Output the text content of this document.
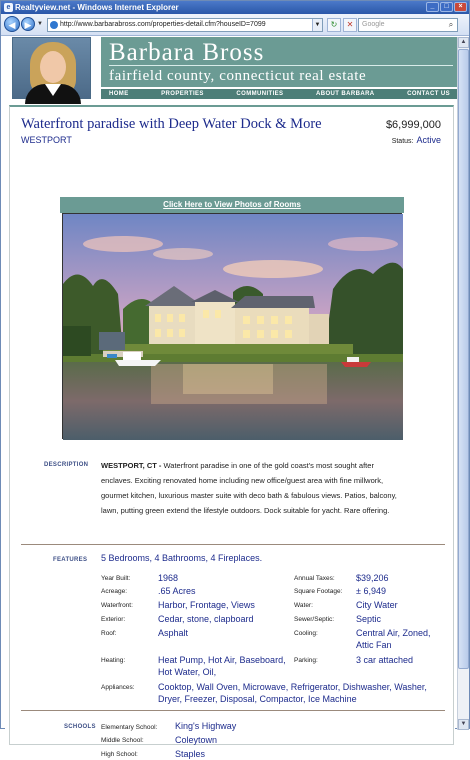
e Realtyview.net - Windows Internet Explorer	_	□	×
◀	▶ ▼	http://www.barbarabross.com/properties-detail.cfm?houseID=7099	▼	↻	✕	Google	⌕
Barbara Bross
fairfield county, connecticut real estate
HOME	PROPERTIES	COMMUNITIES	ABOUT BARBARA	CONTACT US
Waterfront paradise with Deep Water Dock & More
WESTPORT
$6,999,000
Status: Active
Click Here to View Photos of Rooms
DESCRIPTION WESTPORT, CT - Waterfront paradise in one of the gold coast's most sought after enclaves. Exciting renovated home including new office/guest area with fine millwork, gourmet kitchen, luxurious master suite with deco bath & fabulous views. Patios, balcony, lawn, putting green extend the lifestyle outdoors. Dock suitable for yacht. Rare offering.
FEATURES 5 Bedrooms, 4 Bathrooms, 4 Fireplaces.
Year Built:	1968
Acreage:	.65 Acres
Waterfront:	Harbor, Frontage, Views
Exterior:	Cedar, stone, clapboard
Roof:	Asphalt
Heating:	Heat Pump, Hot Air, Baseboard, Hot Water, Oil,
Appliances:	Cooktop, Wall Oven, Microwave, Refrigerator, Dishwasher, Washer, Dryer, Freezer, Disposal, Compactor, Ice Machine
Annual Taxes: $39,206
Square Footage: ± 6,949
Water:	City Water
Sewer/Septic: Septic
Cooling:	Central Air, Zoned, Attic Fan
Parking:	3 car attached
SCHOOLS Elementary School: King's Highway
Middle School:	Coleytown
High School:	Staples
▲
▼
